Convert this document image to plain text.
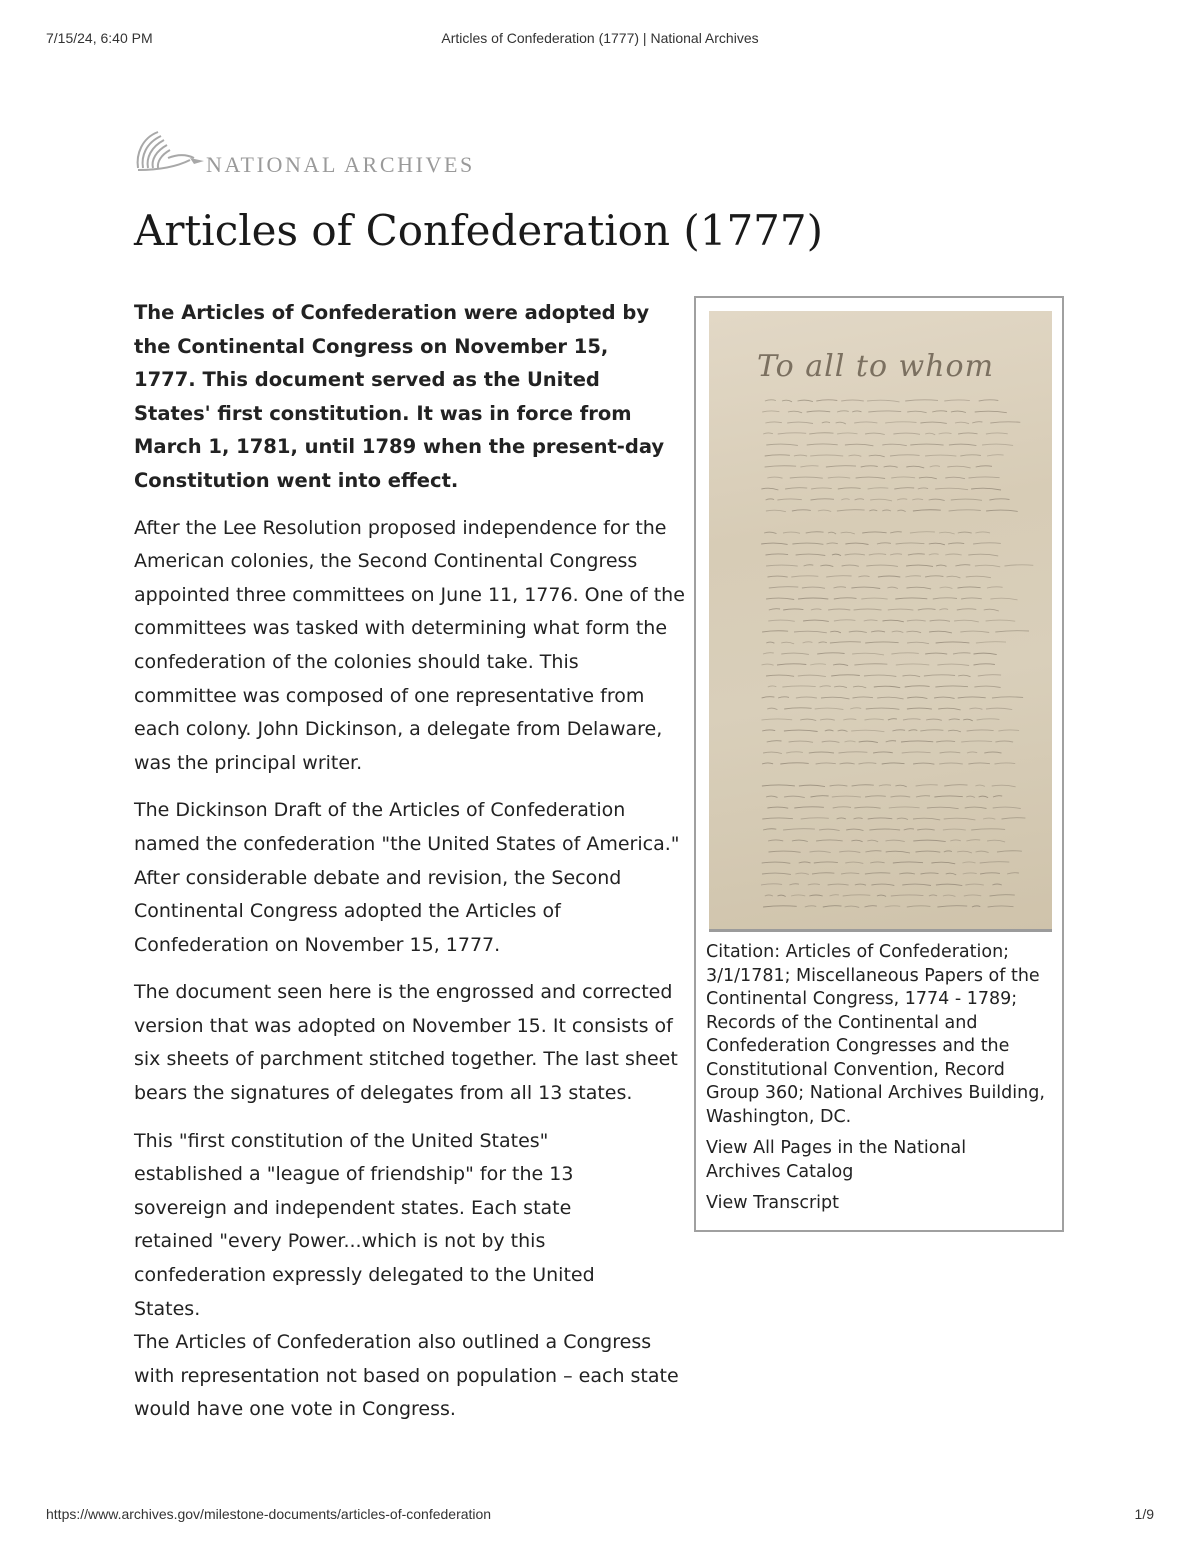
7/15/24, 6:40 PM	Articles of Confederation (1777) | National Archives
NATIONAL ARCHIVES
Articles of Confederation (1777)

The Articles of Confederation were adopted by the Continental Congress on November 15, 1777. This document served as the United States' first constitution. It was in force from March 1, 1781, until 1789 when the present-day Constitution went into effect.

After the Lee Resolution proposed independence for the American colonies, the Second Continental Congress appointed three committees on June 11, 1776. One of the committees was tasked with determining what form the confederation of the colonies should take. This committee was composed of one representative from each colony. John Dickinson, a delegate from Delaware, was the principal writer.

The Dickinson Draft of the Articles of Confederation named the confederation "the United States of America." After considerable debate and revision, the Second Continental Congress adopted the Articles of Confederation on November 15, 1777.

The document seen here is the engrossed and corrected version that was adopted on November 15. It consists of six sheets of parchment stitched together. The last sheet bears the signatures of delegates from all 13 states.

This "first constitution of the United States" established a "league of friendship" for the 13 sovereign and independent states. Each state retained "every Power...which is not by this confederation expressly delegated to the United States.
The Articles of Confederation also outlined a Congress with representation not based on population – each state would have one vote in Congress.

To all to whom

Citation: Articles of Confederation; 3/1/1781; Miscellaneous Papers of the Continental Congress, 1774 - 1789; Records of the Continental and Confederation Congresses and the Constitutional Convention, Record Group 360; National Archives Building, Washington, DC.

View All Pages in the National Archives Catalog

View Transcript

https://www.archives.gov/milestone-documents/articles-of-confederation	1/9
